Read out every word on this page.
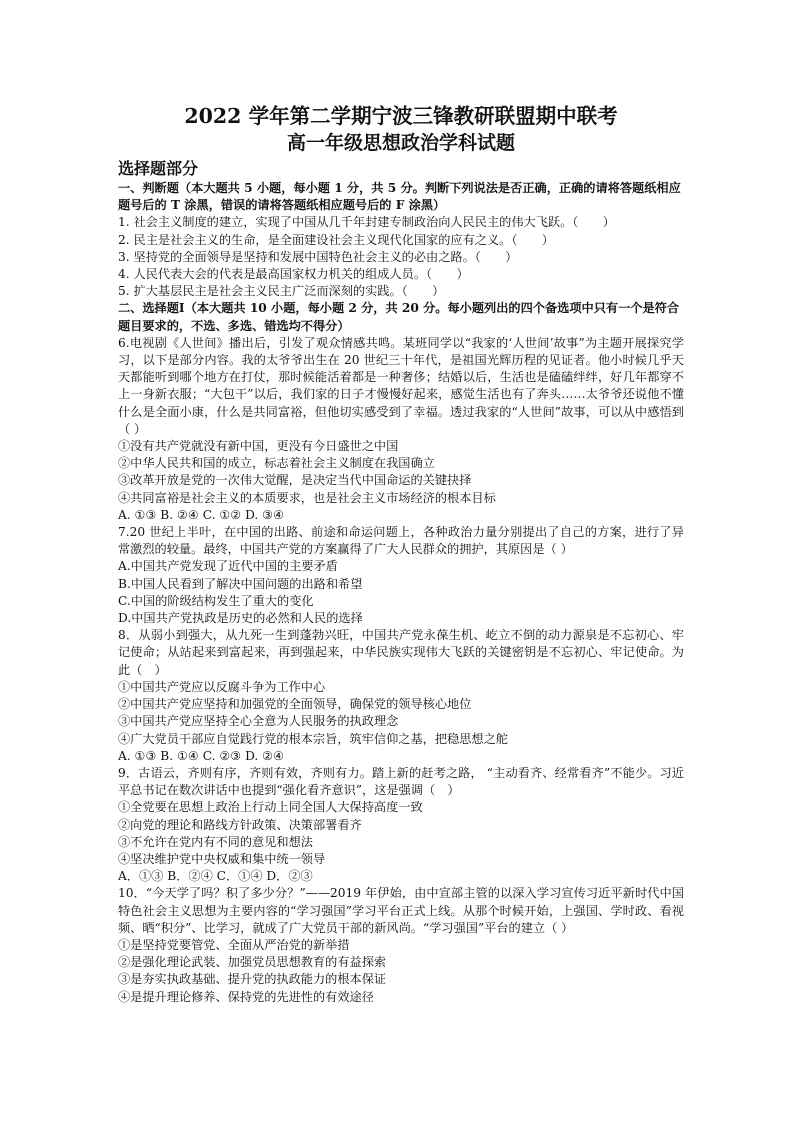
2022 学年第二学期宁波三锋教研联盟期中联考

高一年级思想政治学科试题

选择题部分

一、判断题（本大题共 5 小题，每小题 1 分，共 5 分。判断下列说法是否正确，正确的请将答题纸相应题号后的 T 涂黑，错误的请将答题纸相应题号后的 F 涂黑）

1. 社会主义制度的建立，实现了中国从几千年封建专制政治向人民民主的伟大飞跃。（　　）

2. 民主是社会主义的生命，是全面建设社会主义现代化国家的应有之义。（　　）

3. 坚持党的全面领导是坚持和发展中国特色社会主义的必由之路。（　　）

4. 人民代表大会的代表是最高国家权力机关的组成人员。（　　）

5. 扩大基层民主是社会主义民主广泛而深刻的实践。（　　）

二、选择题Ⅰ（本大题共 10 小题，每小题 2 分，共 20 分。每小题列出的四个备选项中只有一个是符合题目要求的，不选、多选、错选均不得分）

6.电视剧《人世间》播出后，引发了观众情感共鸣。某班同学以“我家的‘人世间’故事”为主题开展探究学习，以下是部分内容。我的太爷爷出生在 20 世纪三十年代，是祖国光辉历程的见证者。他小时候几乎天天都能听到哪个地方在打仗，那时候能活着都是一种奢侈；结婚以后，生活也是磕磕绊绊，好几年都穿不上一身新衣服；“大包干”以后，我们家的日子才慢慢好起来，感觉生活也有了奔头……太爷爷还说他不懂什么是全面小康，什么是共同富裕，但他切实感受到了幸福。透过我家的“人世间”故事，可以从中感悟到（ ）

①没有共产党就没有新中国，更没有今日盛世之中国

②中华人民共和国的成立，标志着社会主义制度在我国确立

③改革开放是党的一次伟大觉醒，是决定当代中国命运的关键抉择

④共同富裕是社会主义的本质要求，也是社会主义市场经济的根本目标

A. ①③ B. ②④ C. ①② D. ③④

7.20 世纪上半叶，在中国的出路、前途和命运问题上，各种政治力量分别提出了自己的方案，进行了异常激烈的较量。最终，中国共产党的方案赢得了广大人民群众的拥护，其原因是（ ）

A.中国共产党发现了近代中国的主要矛盾

B.中国人民看到了解决中国问题的出路和希望

C.中国的阶级结构发生了重大的变化

D.中国共产党执政是历史的必然和人民的选择

8．从弱小到强大，从九死一生到蓬勃兴旺，中国共产党永葆生机、屹立不倒的动力源泉是不忘初心、牢记使命；从站起来到富起来，再到强起来，中华民族实现伟大飞跃的关键密钥是不忘初心、牢记使命。为此（　）

①中国共产党应以反腐斗争为工作中心

②中国共产党应坚持和加强党的全面领导，确保党的领导核心地位

③中国共产党应坚持全心全意为人民服务的执政理念

④广大党员干部应自觉践行党的根本宗旨，筑牢信仰之基，把稳思想之舵

A. ①③ B. ①④ C. ②③ D. ②④

9．古语云，齐则有序，齐则有效，齐则有力。踏上新的赶考之路， “主动看齐、经常看齐”不能少。习近平总书记在数次讲话中也提到“强化看齐意识”，这是强调（　）

①全党要在思想上政治上行动上同全国人大保持高度一致

②向党的理论和路线方针政策、决策部署看齐

③不允许在党内有不同的意见和想法

④坚决维护党中央权威和集中统一领导

A．①③ B．②④ C．①④ D．②③

10．“今天学了吗？积了多少分？”——2019 年伊始，由中宣部主管的以深入学习宣传习近平新时代中国特色社会主义思想为主要内容的“学习强国”学习平台正式上线。从那个时候开始，上强国、学时政、看视频、晒“积分”、比学习，就成了广大党员干部的新风尚。“学习强国”平台的建立（ ）

①是坚持党要管党、全面从严治党的新举措

②是强化理论武装、加强党员思想教育的有益探索

③是夯实执政基础、提升党的执政能力的根本保证

④是提升理论修养、保持党的先进性的有效途径
